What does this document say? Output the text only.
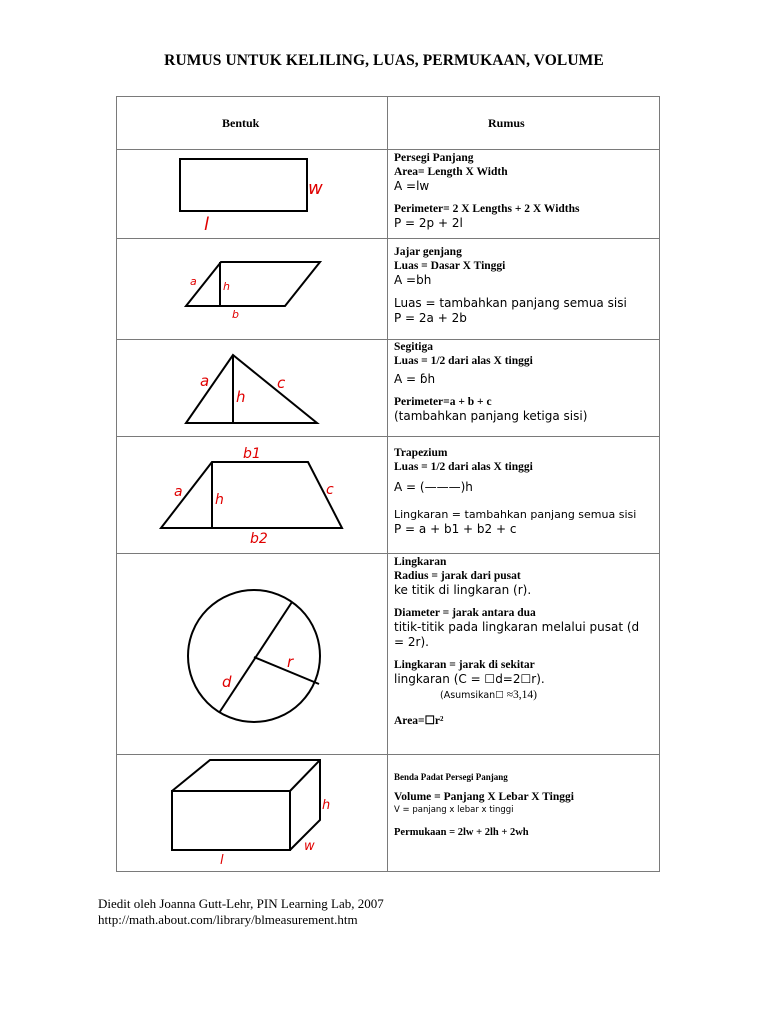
RUMUS UNTUK KELILING, LUAS, PERMUKAAN, VOLUME
Bentuk	Rumus
w
l
a h
b
a
h
c
b1
a h
c
b2
d
r
h
w
l
Persegi Panjang
Area= Length X Width
A =lw
Perimeter= 2 X Lengths + 2 X Widths
P = 2p + 2l
Jajar genjang
Luas = Dasar X Tinggi
A =bh
Luas = tambahkan panjang semua sisi
P = 2a + 2b
Segitiga
Luas = 1/2 dari alas X tinggi
A = ɓh
Perimeter=a + b + c
(tambahkan panjang ketiga sisi)
Trapezium
Luas = 1/2 dari alas X tinggi
A = (———)h
Lingkaran = tambahkan panjang semua sisi
P = a + b1 + b2 + c
Lingkaran
Radius = jarak dari pusat
ke titik di lingkaran (r).
Diameter = jarak antara dua
titik-titik pada lingkaran melalui pusat (d
= 2r).
Lingkaran = jarak di sekitar
lingkaran (C = ☐d=2☐r).
(Asumsikan☐ ≈3,14)
Area=☐r²
Benda Padat Persegi Panjang
Volume = Panjang X Lebar X Tinggi
V = panjang x lebar x tinggi
Permukaan = 2lw + 2lh + 2wh
Diedit oleh Joanna Gutt-Lehr, PIN Learning Lab, 2007
http://math.about.com/library/blmeasurement.htm
